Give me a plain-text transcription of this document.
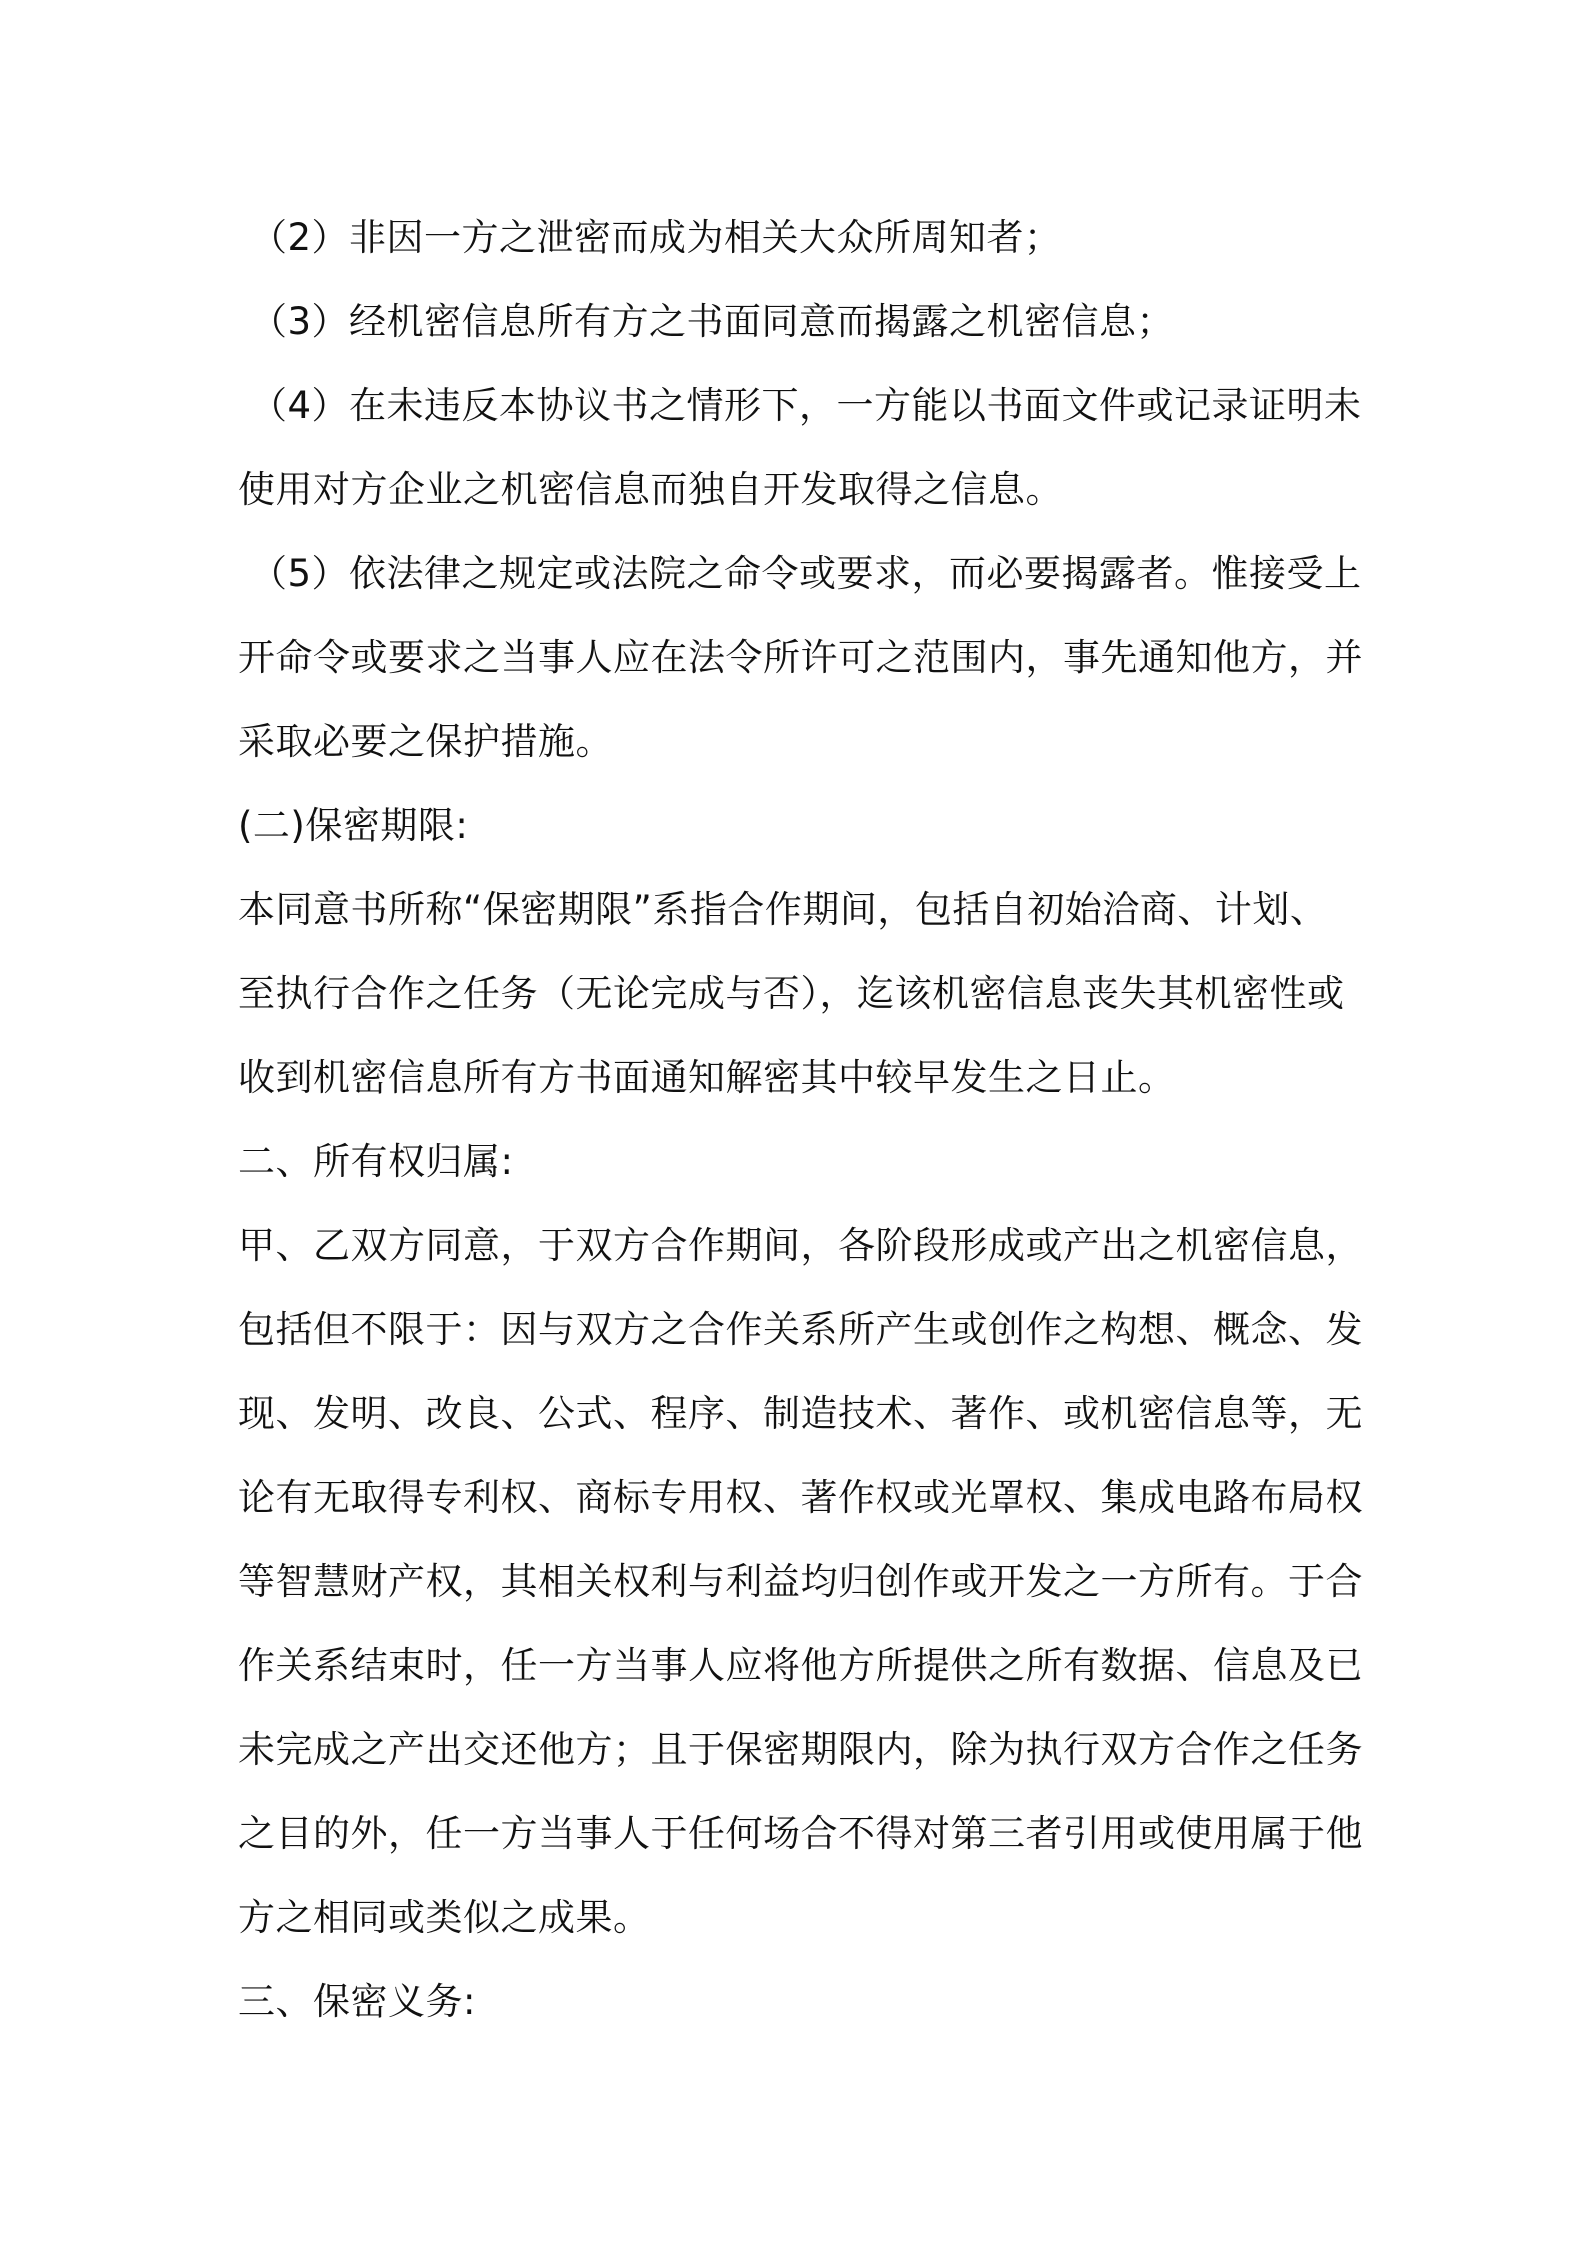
（2）非因一方之泄密而成为相关大众所周知者；
（3）经机密信息所有方之书面同意而揭露之机密信息；
（4）在未违反本协议书之情形下，一方能以书面文件或记录证明未
使用对方企业之机密信息而独自开发取得之信息。
（5）依法律之规定或法院之命令或要求，而必要揭露者。惟接受上
开命令或要求之当事人应在法令所许可之范围内，事先通知他方，并
采取必要之保护措施。
(二)保密期限:
本同意书所称“保密期限”系指合作期间，包括自初始洽商、计划、
至执行合作之任务（无论完成与否），迄该机密信息丧失其机密性或
收到机密信息所有方书面通知解密其中较早发生之日止。
二、所有权归属:
甲、乙双方同意，于双方合作期间，各阶段形成或产出之机密信息，
包括但不限于：因与双方之合作关系所产生或创作之构想、概念、发
现、发明、改良、公式、程序、制造技术、著作、或机密信息等，无
论有无取得专利权、商标专用权、著作权或光罩权、集成电路布局权
等智慧财产权，其相关权利与利益均归创作或开发之一方所有。于合
作关系结束时，任一方当事人应将他方所提供之所有数据、信息及已
未完成之产出交还他方；且于保密期限内，除为执行双方合作之任务
之目的外，任一方当事人于任何场合不得对第三者引用或使用属于他
方之相同或类似之成果。
三、保密义务:
